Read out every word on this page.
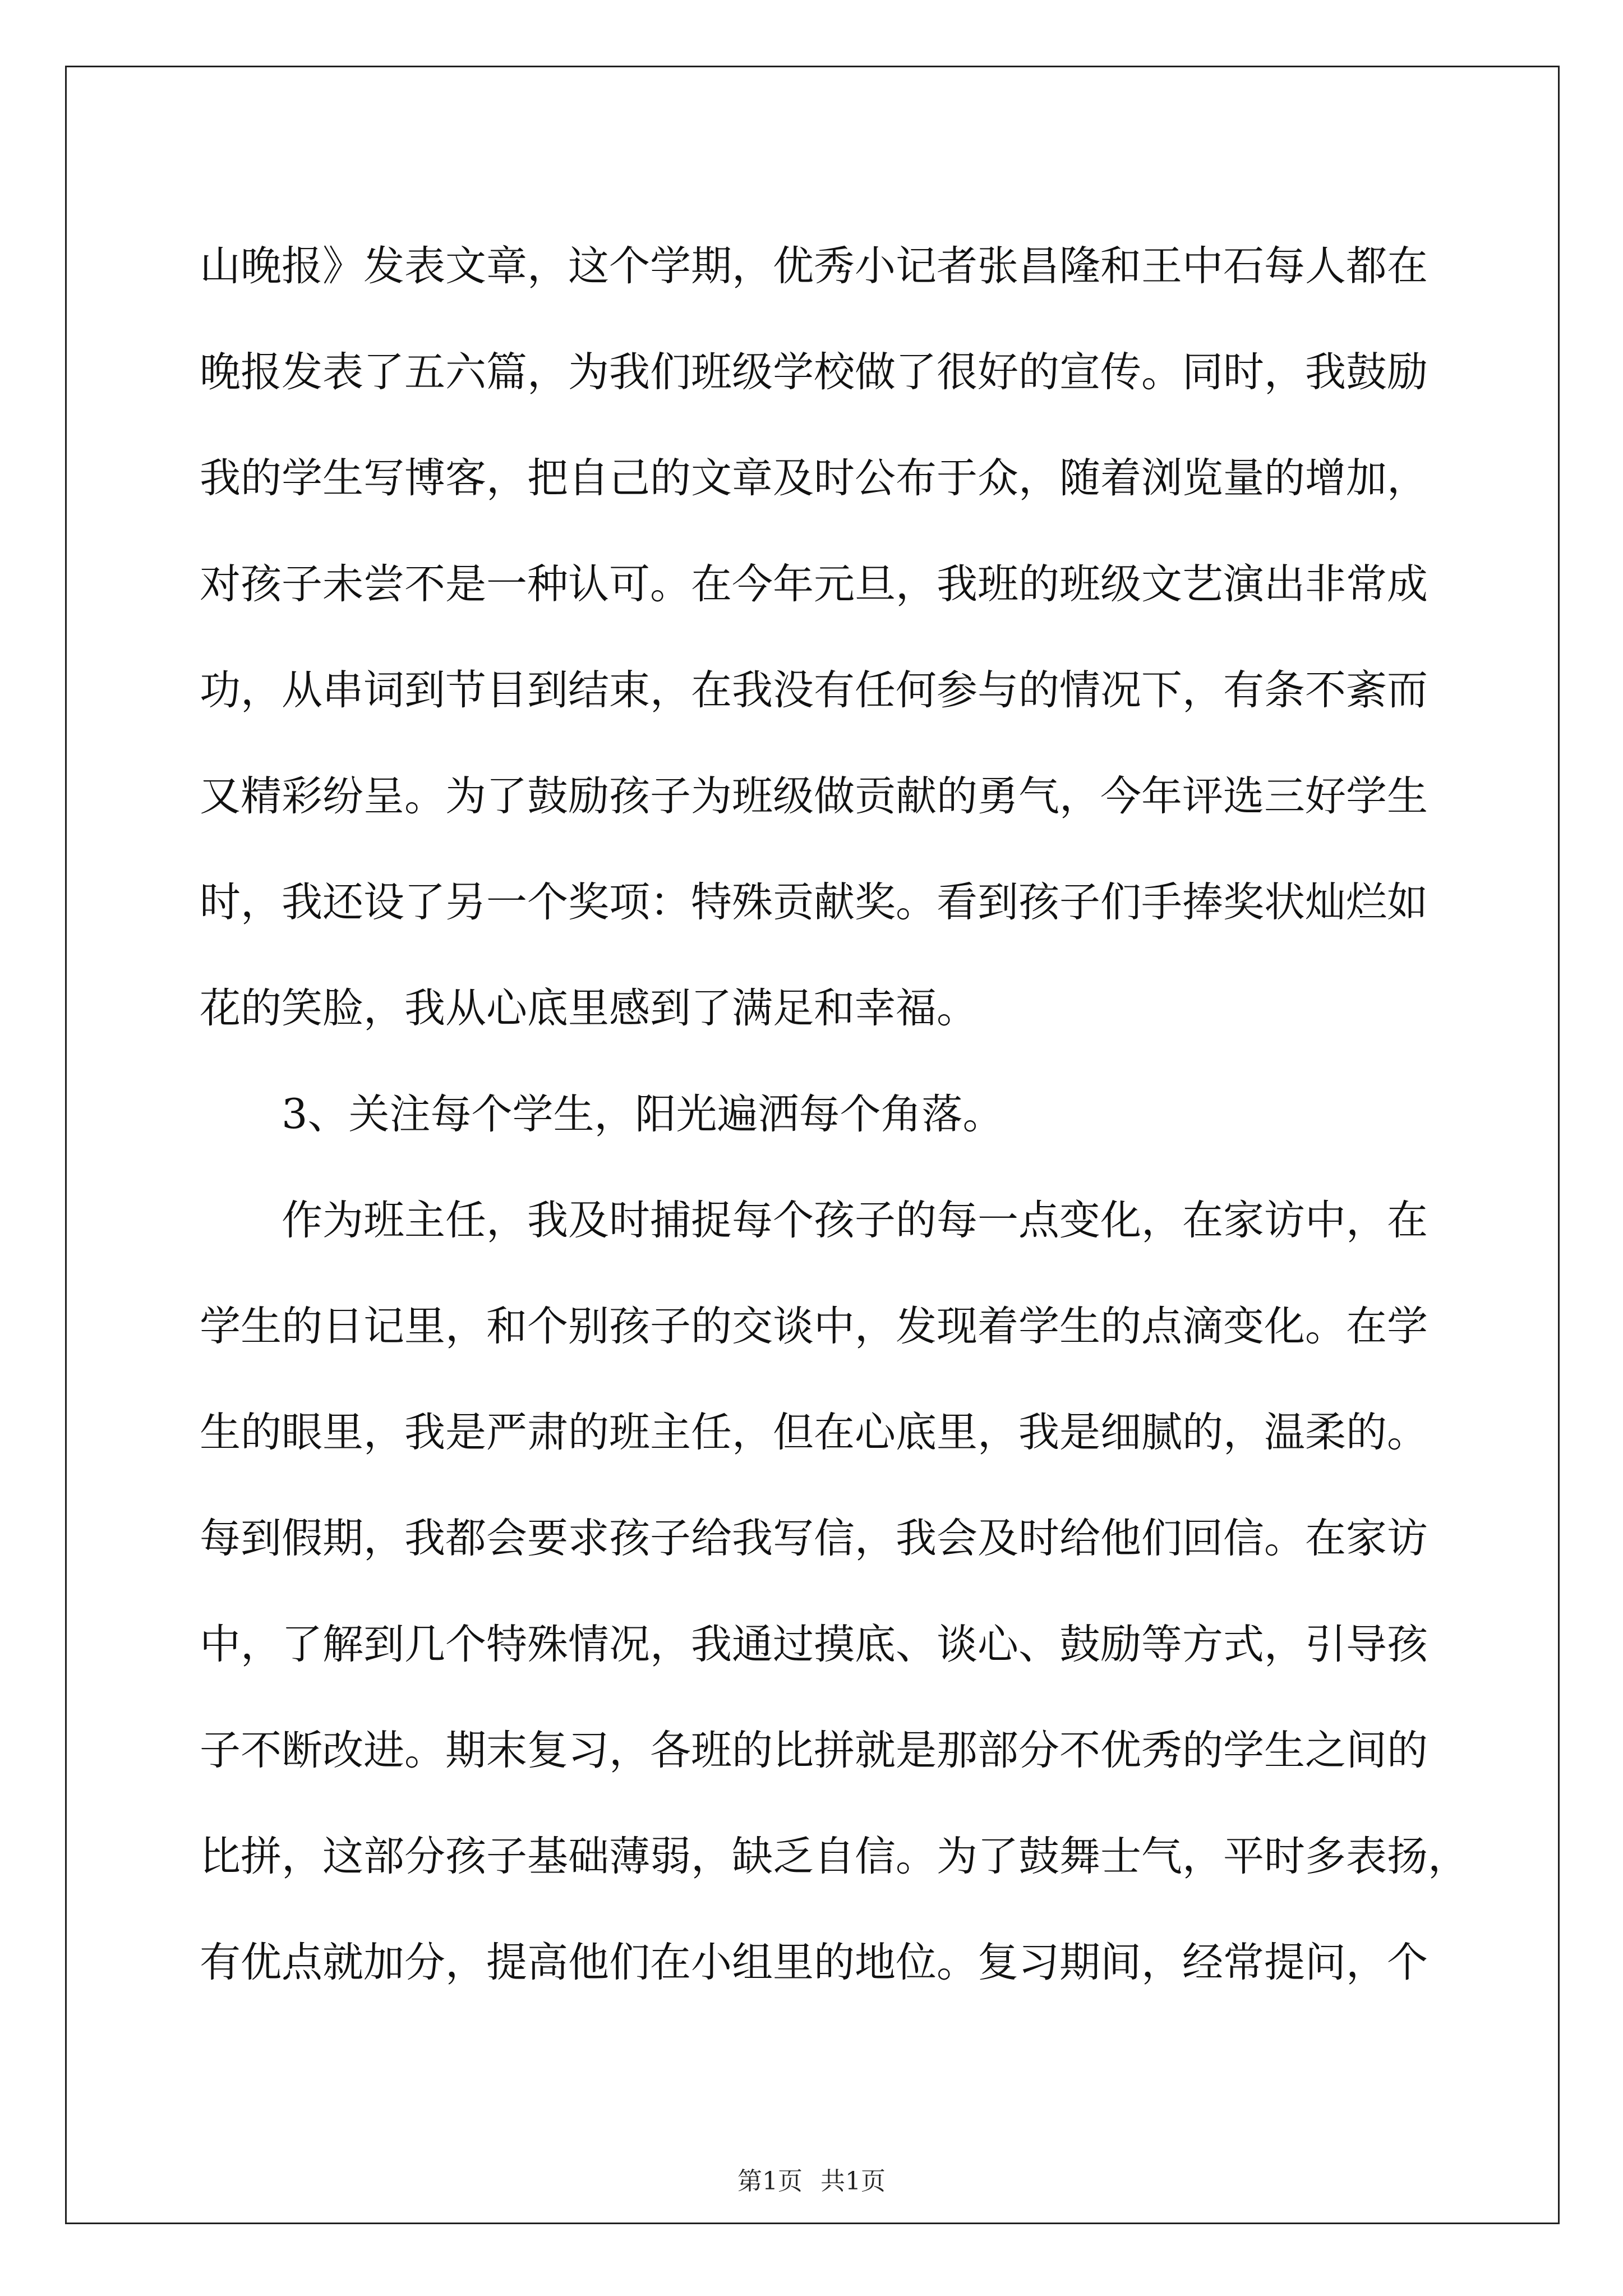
山晚报》发表文章，这个学期，优秀小记者张昌隆和王中石每人都在
晚报发表了五六篇，为我们班级学校做了很好的宣传。同时，我鼓励
我的学生写博客，把自己的文章及时公布于众，随着浏览量的增加，
对孩子未尝不是一种认可。在今年元旦，我班的班级文艺演出非常成
功，从串词到节目到结束，在我没有任何参与的情况下，有条不紊而
又精彩纷呈。为了鼓励孩子为班级做贡献的勇气，今年评选三好学生
时，我还设了另一个奖项：特殊贡献奖。看到孩子们手捧奖状灿烂如
花的笑脸，我从心底里感到了满足和幸福。
3、关注每个学生，阳光遍洒每个角落。
作为班主任，我及时捕捉每个孩子的每一点变化，在家访中，在
学生的日记里，和个别孩子的交谈中，发现着学生的点滴变化。在学
生的眼里，我是严肃的班主任，但在心底里，我是细腻的，温柔的。
每到假期，我都会要求孩子给我写信，我会及时给他们回信。在家访
中，了解到几个特殊情况，我通过摸底、谈心、鼓励等方式，引导孩
子不断改进。期末复习，各班的比拼就是那部分不优秀的学生之间的
比拼，这部分孩子基础薄弱，缺乏自信。为了鼓舞士气，平时多表扬，
有优点就加分，提高他们在小组里的地位。复习期间，经常提问，个
第1页 共1页
